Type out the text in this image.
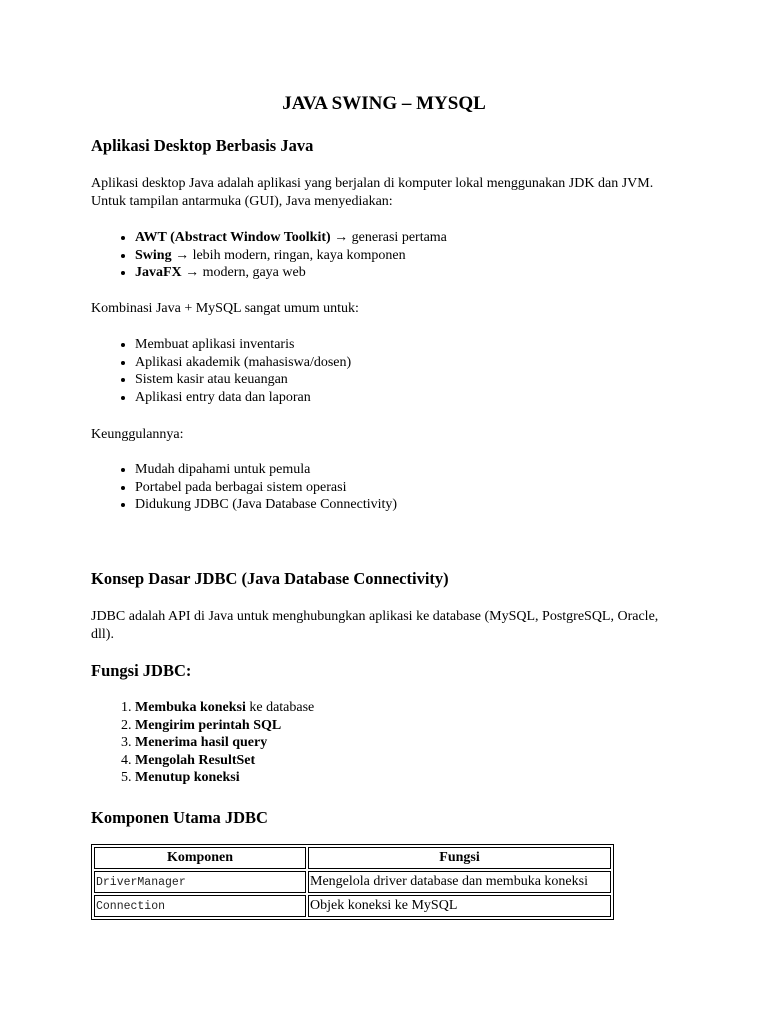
JAVA SWING – MYSQL
Aplikasi Desktop Berbasis Java

Aplikasi desktop Java adalah aplikasi yang berjalan di komputer lokal menggunakan JDK dan JVM. Untuk tampilan antarmuka (GUI), Java menyediakan:

• AWT (Abstract Window Toolkit) → generasi pertama
• Swing → lebih modern, ringan, kaya komponen
• JavaFX → modern, gaya web

Kombinasi Java + MySQL sangat umum untuk:

• Membuat aplikasi inventaris
• Aplikasi akademik (mahasiswa/dosen)
• Sistem kasir atau keuangan
• Aplikasi entry data dan laporan

Keunggulannya:

• Mudah dipahami untuk pemula
• Portabel pada berbagai sistem operasi
• Didukung JDBC (Java Database Connectivity)
Konsep Dasar JDBC (Java Database Connectivity)

JDBC adalah API di Java untuk menghubungkan aplikasi ke database (MySQL, PostgreSQL, Oracle, dll).

Fungsi JDBC:
1. Membuka koneksi ke database
2. Mengirim perintah SQL
3. Menerima hasil query
4. Mengolah ResultSet
5. Menutup koneksi
Komponen Utama JDBC
Komponen	Fungsi
DriverManager	Mengelola driver database dan membuka koneksi
Connection	Objek koneksi ke MySQL
